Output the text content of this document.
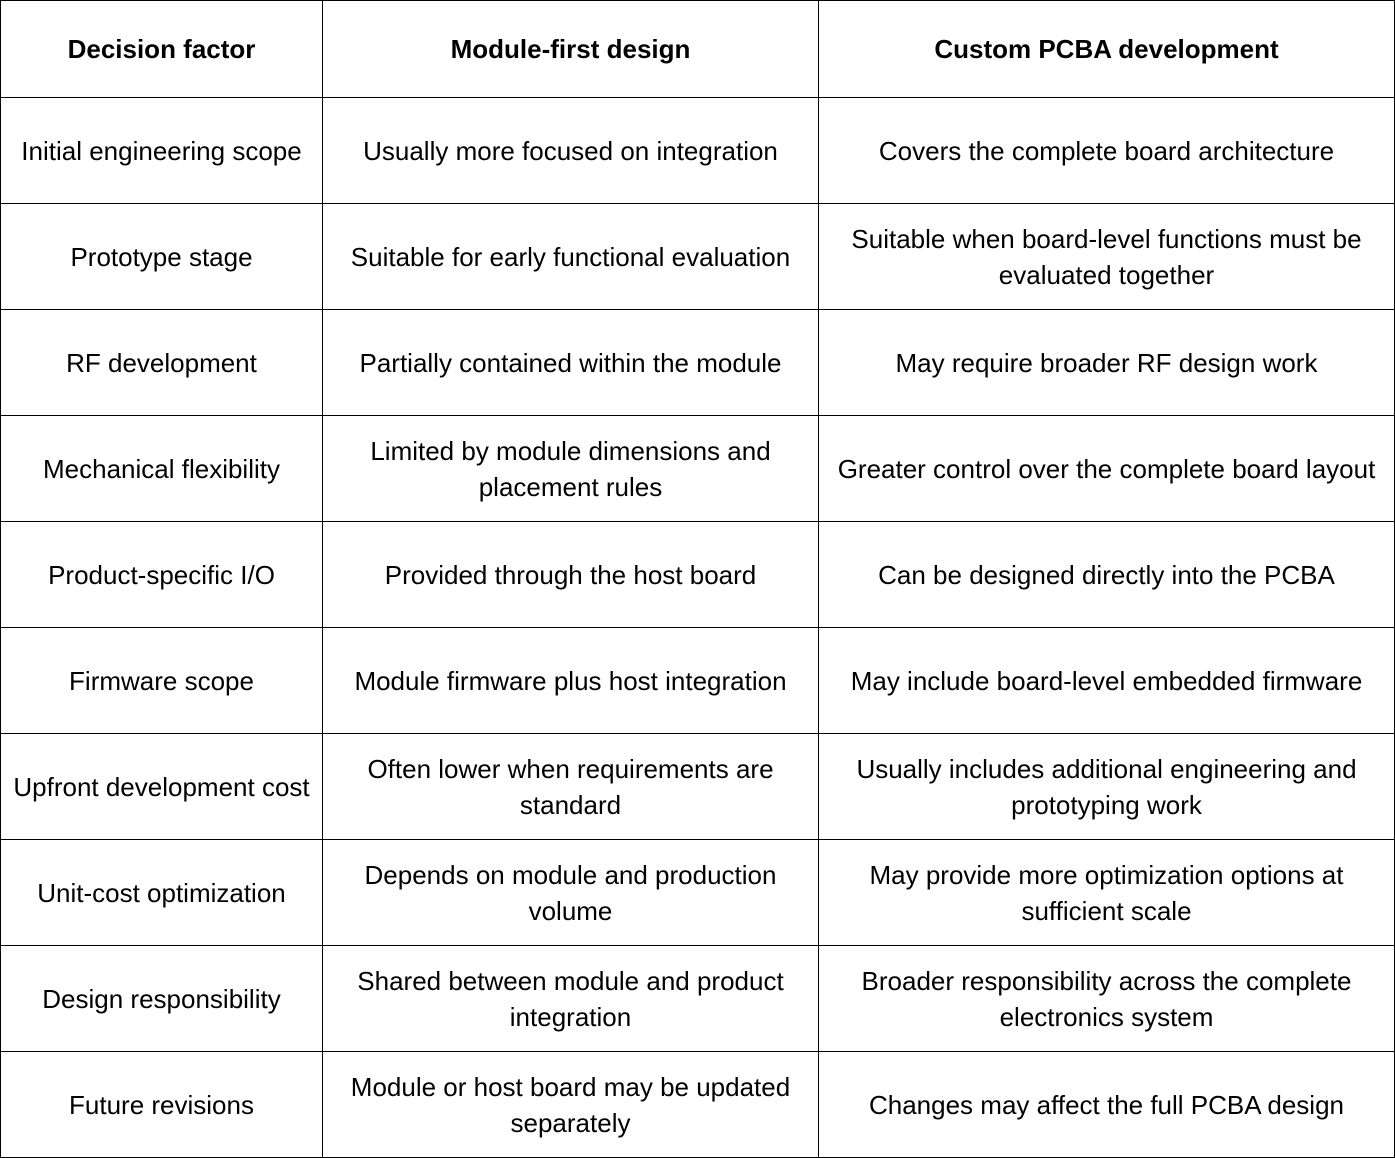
Decision factor	Module-first design	Custom PCBA development
Initial engineering scope	Usually more focused on integration	Covers the complete board architecture
Prototype stage	Suitable for early functional evaluation	Suitable when board-level functions must be evaluated together
RF development	Partially contained within the module	May require broader RF design work
Mechanical flexibility	Limited by module dimensions and placement rules	Greater control over the complete board layout
Product-specific I/O	Provided through the host board	Can be designed directly into the PCBA
Firmware scope	Module firmware plus host integration	May include board-level embedded firmware
Upfront development cost	Often lower when requirements are standard	Usually includes additional engineering and prototyping work
Unit-cost optimization	Depends on module and production volume	May provide more optimization options at sufficient scale
Design responsibility	Shared between module and product integration	Broader responsibility across the complete electronics system
Future revisions	Module or host board may be updated separately	Changes may affect the full PCBA design
